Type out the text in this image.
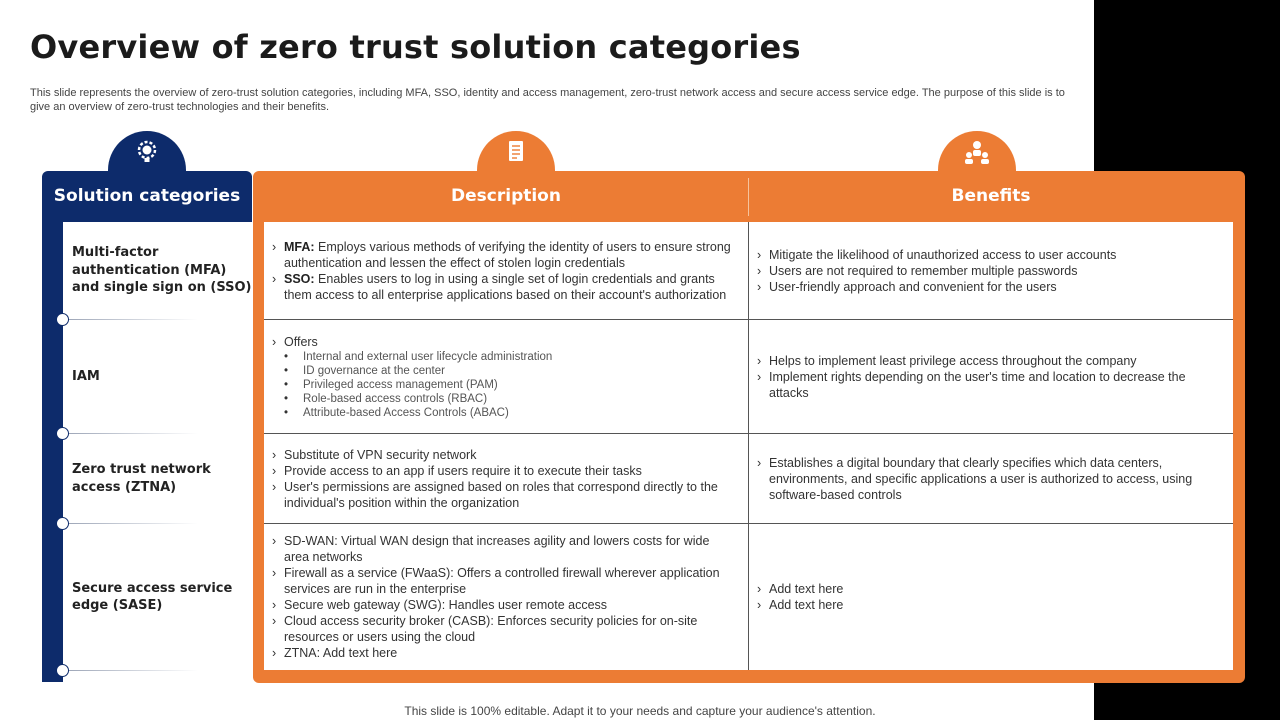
Overview of zero trust solution categories
This slide represents the overview of zero-trust solution categories, including MFA, SSO, identity and access management, zero-trust network access and secure access service edge. The purpose of this slide is to give an overview of zero-trust technologies and their benefits.
Solution categories
Multi-factor authentication (MFA) and single sign on (SSO)
IAM
Zero trust network access (ZTNA)
Secure access service edge (SASE)
Description	Benefits
› MFA: Employs various methods of verifying the identity of users to ensure strong authentication and lessen the effect of stolen login credentials
› SSO: Enables users to log in using a single set of login credentials and grants them access to all enterprise applications based on their account's authorization
› Mitigate the likelihood of unauthorized access to user accounts
› Users are not required to remember multiple passwords
› User-friendly approach and convenient for the users
› Offers
• Internal and external user lifecycle administration
• ID governance at the center
• Privileged access management (PAM)
• Role-based access controls (RBAC)
• Attribute-based Access Controls (ABAC)
› Helps to implement least privilege access throughout the company
› Implement rights depending on the user's time and location to decrease the attacks
› Substitute of VPN security network
› Provide access to an app if users require it to execute their tasks
› User's permissions are assigned based on roles that correspond directly to the individual's position within the organization
› Establishes a digital boundary that clearly specifies which data centers, environments, and specific applications a user is authorized to access, using software-based controls
› SD-WAN: Virtual WAN design that increases agility and lowers costs for wide area networks
› Firewall as a service (FWaaS): Offers a controlled firewall wherever application services are run in the enterprise
› Secure web gateway (SWG): Handles user remote access
› Cloud access security broker (CASB): Enforces security policies for on-site resources or users using the cloud
› ZTNA: Add text here
› Add text here
› Add text here
This slide is 100% editable. Adapt it to your needs and capture your audience's attention.
